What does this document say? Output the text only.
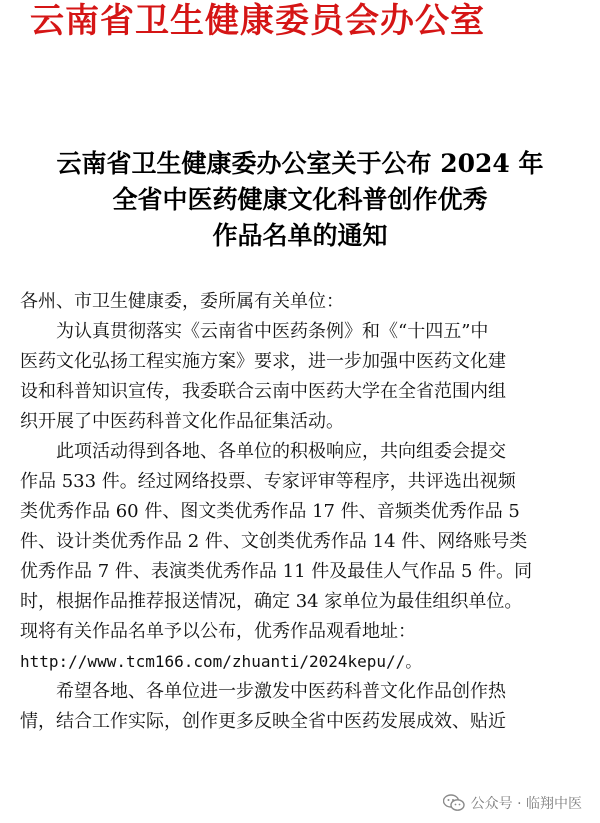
云南省卫生健康委员会办公室
云南省卫生健康委办公室关于公布 2024 年
全省中医药健康文化科普创作优秀
作品名单的通知

各州、市卫生健康委，委所属有关单位：

为认真贯彻落实《云南省中医药条例》和《“十四五”中
医药文化弘扬工程实施方案》要求，进一步加强中医药文化建
设和科普知识宣传，我委联合云南中医药大学在全省范围内组
织开展了中医药科普文化作品征集活动。

此项活动得到各地、各单位的积极响应，共向组委会提交
作品 533 件。经过网络投票、专家评审等程序，共评选出视频
类优秀作品 60 件、图文类优秀作品 17 件、音频类优秀作品 5
件、设计类优秀作品 2 件、文创类优秀作品 14 件、网络账号类
优秀作品 7 件、表演类优秀作品 11 件及最佳人气作品 5 件。同
时，根据作品推荐报送情况，确定 34 家单位为最佳组织单位。
现将有关作品名单予以公布，优秀作品观看地址：
http://www.tcm166.com/zhuanti/2024kepu//。

希望各地、各单位进一步激发中医药科普文化作品创作热
情，结合工作实际，创作更多反映全省中医药发展成效、贴近

公众号 · 临翔中医
